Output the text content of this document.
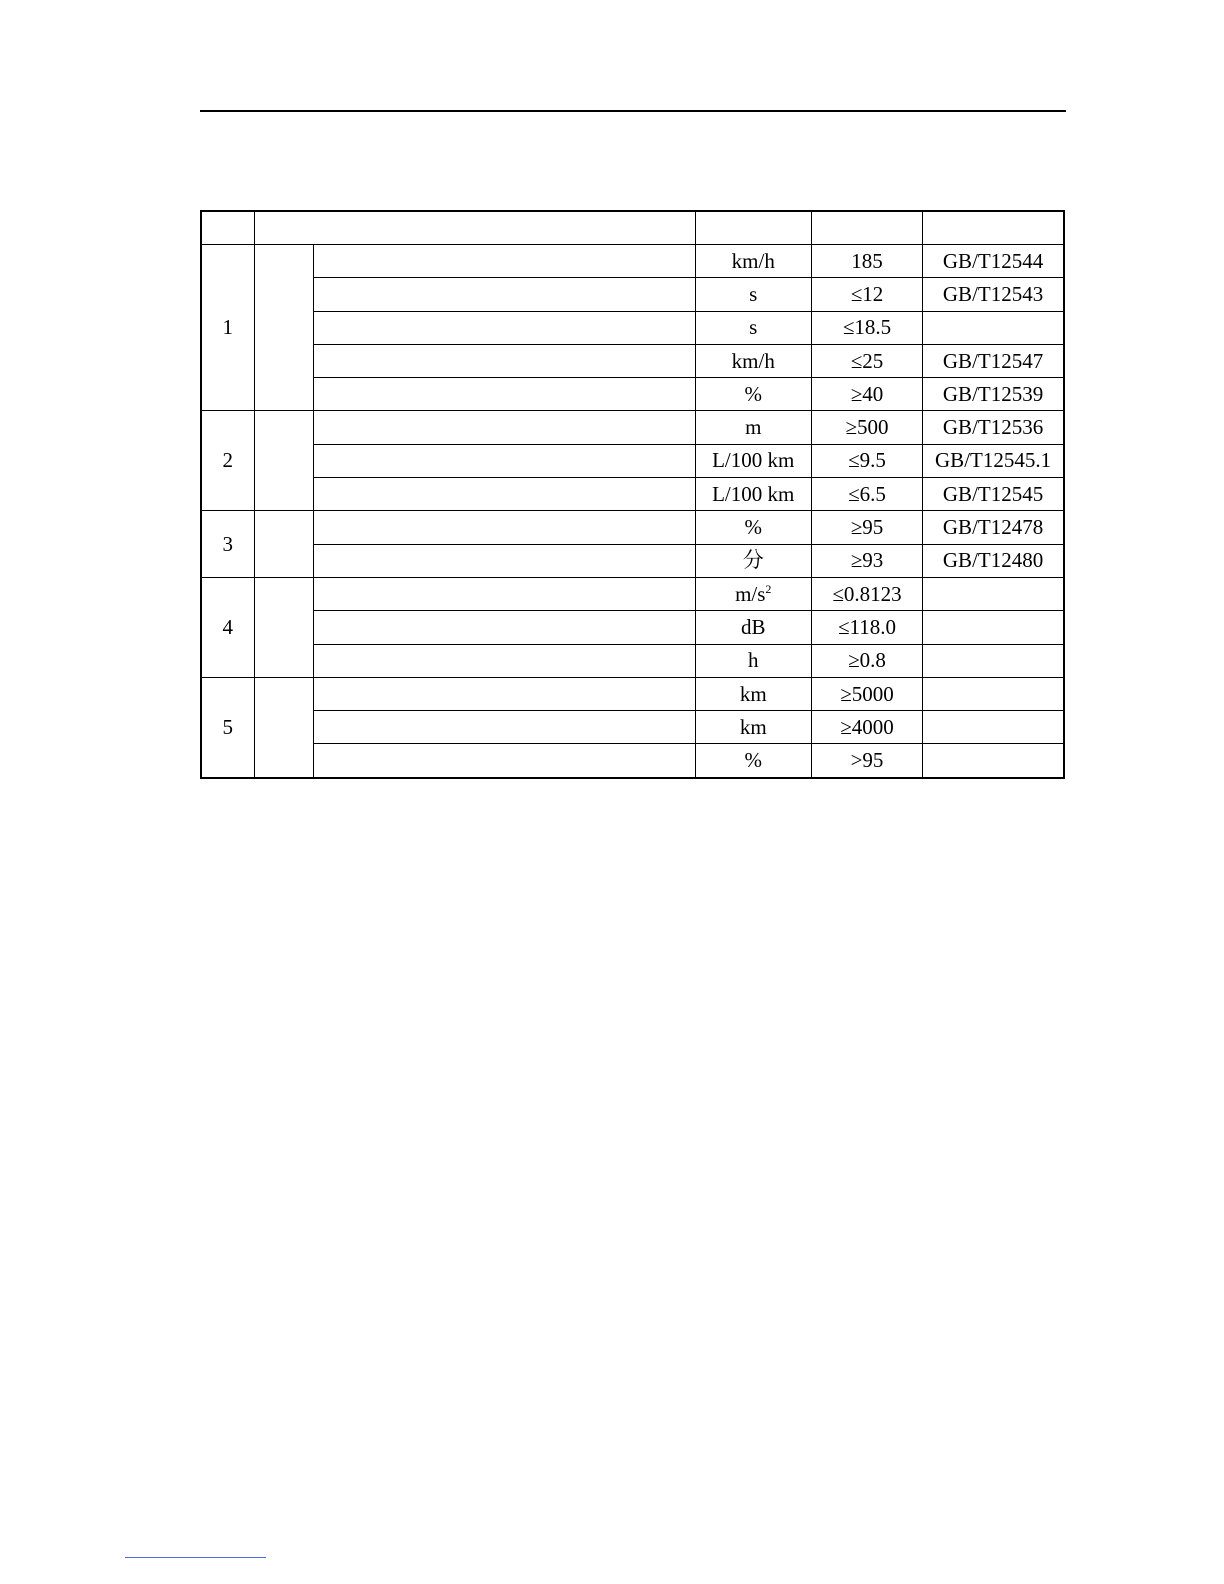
1			km/h	185	GB/T12544
			s	≤12	GB/T12543
			s	≤18.5	
			km/h	≤25	GB/T12547
			%	≥40	GB/T12539
2			m	≥500	GB/T12536
			L/100 km	≤9.5	GB/T12545.1
			L/100 km	≤6.5	GB/T12545
3			%	≥95	GB/T12478
			分	≥93	GB/T12480
4			$m/s^2$	≤0.8123	
			dB	≤118.0	
			h	≥0.8	
5			km	≥5000	
			km	≥4000	
			%	>95	
